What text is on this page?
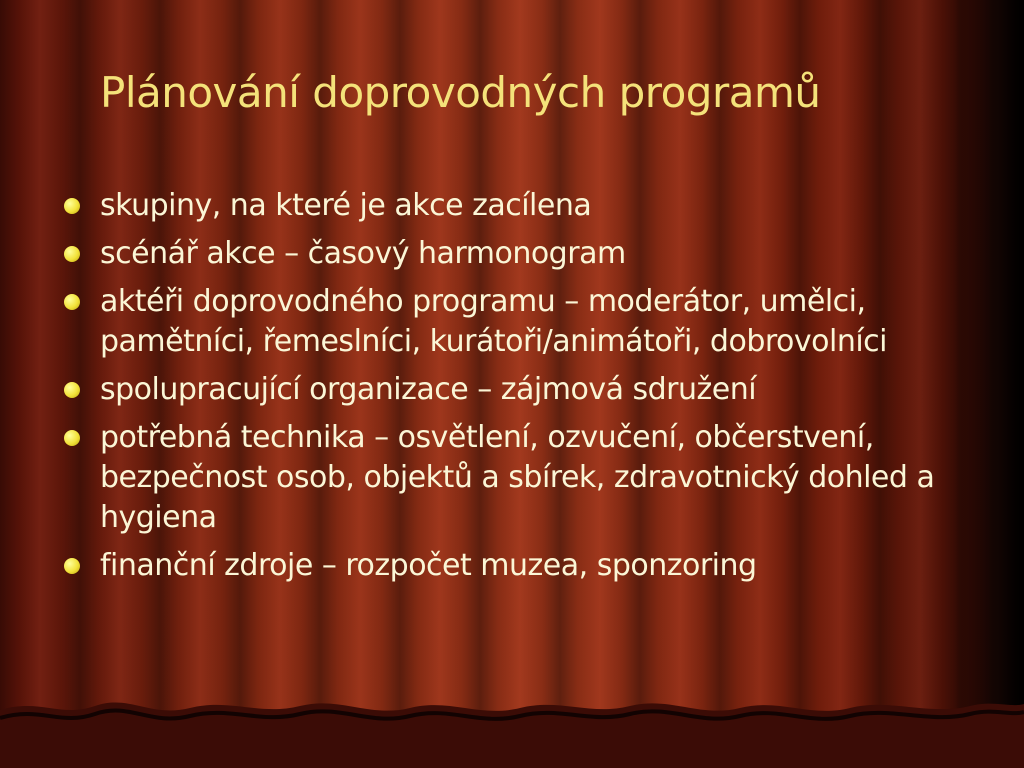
Plánování doprovodných programů
skupiny, na které je akce zacílena
scénář akce – časový harmonogram
aktéři doprovodného programu – moderátor, umělci, pamětníci, řemeslníci, kurátoři/animátoři, dobrovolníci
spolupracující organizace – zájmová sdružení
potřebná technika – osvětlení, ozvučení, občerstvení, bezpečnost osob, objektů a sbírek, zdravotnický dohled a hygiena
finanční zdroje – rozpočet muzea, sponzoring
